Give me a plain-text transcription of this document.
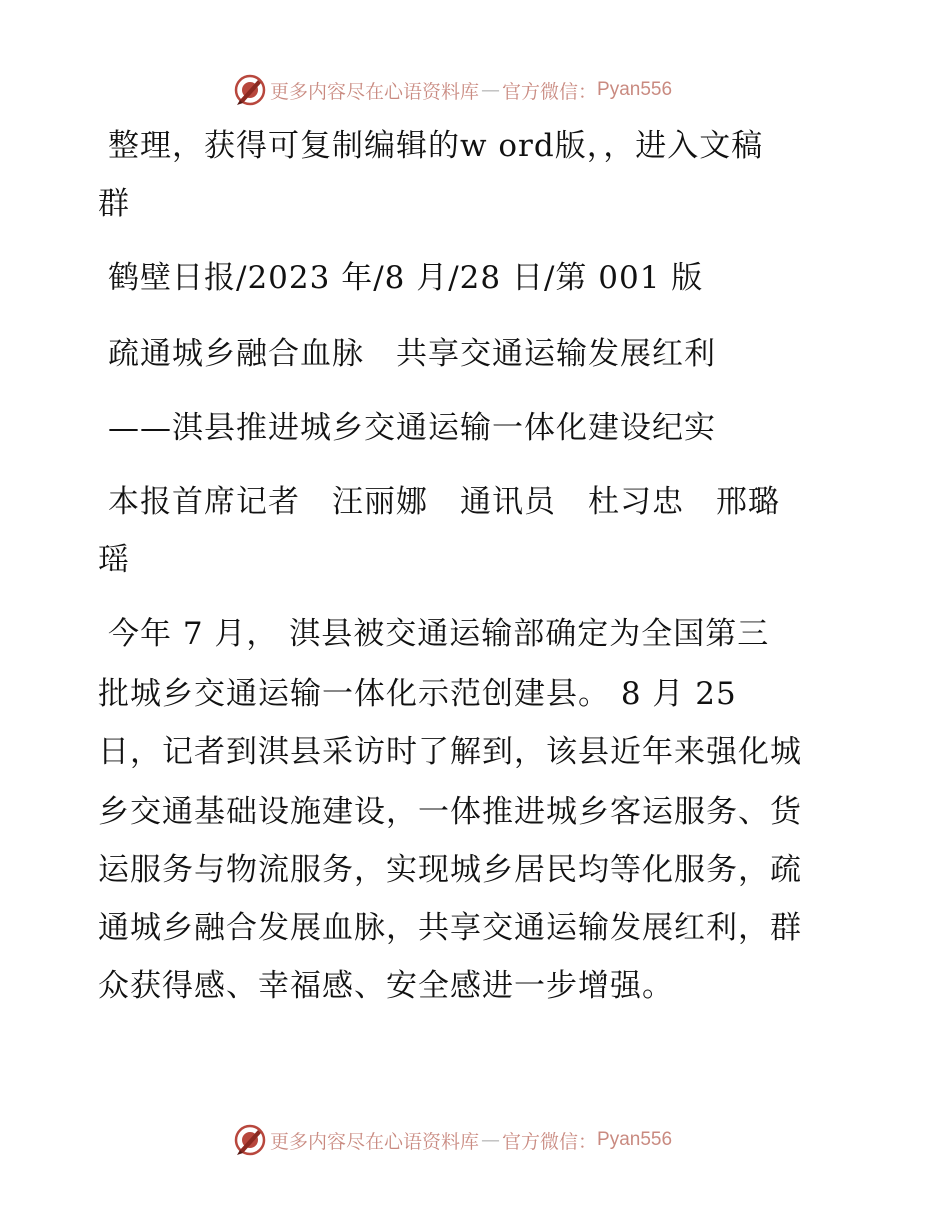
更多内容尽在心语资料库 — 官方微信： Pyan556
整理，获得可复制编辑的w ord版，，进入文稿
群
鹤壁日报/2023 年/8 月/28 日/第 001 版
疏通城乡融合血脉　共享交通运输发展红利
——淇县推进城乡交通运输一体化建设纪实
本报首席记者　汪丽娜　通讯员　杜习忠　邢璐
瑶
今年 7 月， 淇县被交通运输部确定为全国第三
批城乡交通运输一体化示范创建县。 8 月 25
日，记者到淇县采访时了解到，该县近年来强化城
乡交通基础设施建设，一体推进城乡客运服务、货
运服务与物流服务，实现城乡居民均等化服务，疏
通城乡融合发展血脉，共享交通运输发展红利，群
众获得感、幸福感、安全感进一步增强。
更多内容尽在心语资料库 — 官方微信： Pyan556
